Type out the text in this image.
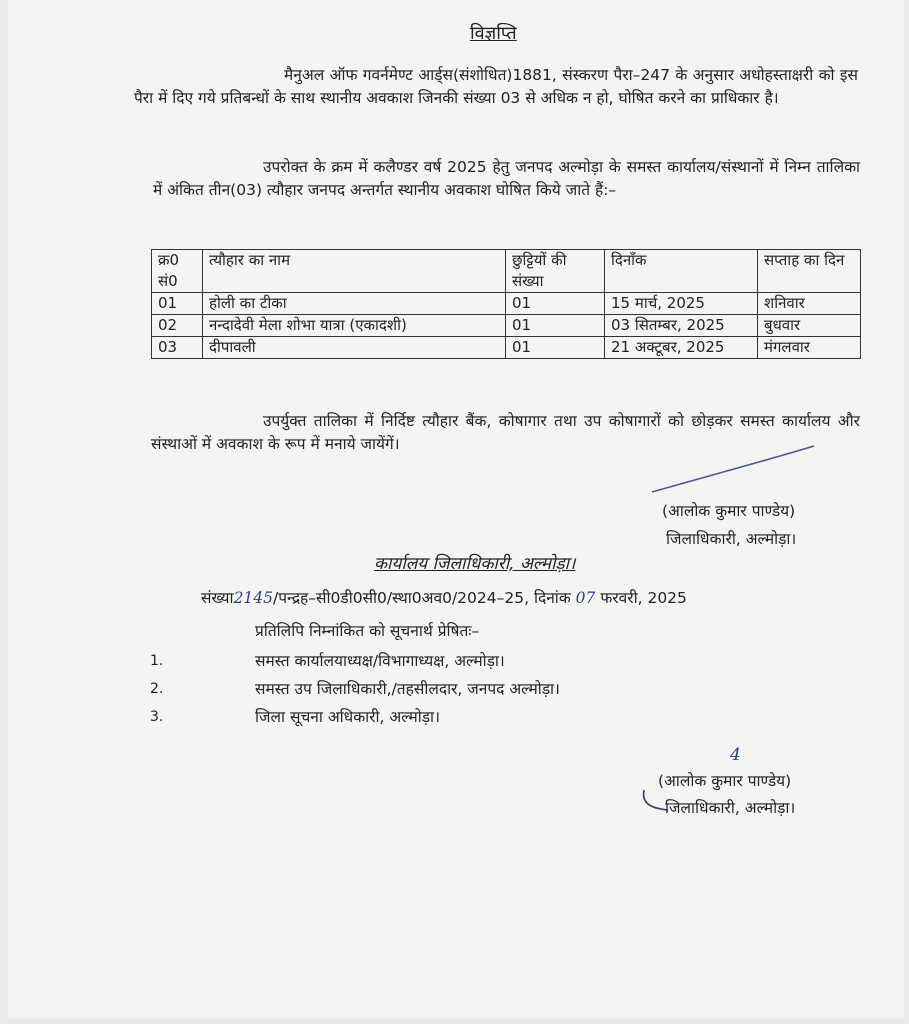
विज्ञप्ति
मैनुअल ऑफ गवर्नमेण्ट आर्ड्स(संशोधित)1881, संस्करण पैरा–247 के अनुसार अधोहस्ताक्षरी को इस पैरा में दिए गये प्रतिबन्धों के साथ स्थानीय अवकाश जिनकी संख्या 03 से अधिक न हो, घोषित करने का प्राधिकार है।
उपरोक्त के क्रम में कलैण्डर वर्ष 2025 हेतु जनपद अल्मोड़ा के समस्त कार्यालय/संस्थानों में निम्न तालिका में अंकित तीन(03) त्यौहार जनपद अन्तर्गत स्थानीय अवकाश घोषित किये जाते हैं:–
क्र0 सं0	त्यौहार का नाम	छुट्टियों की संख्या	दिनाँक	सप्ताह का दिन
01	होली का टीका	01	15 मार्च, 2025	शनिवार
02	नन्दादेवी मेला शोभा यात्रा (एकादशी)	01	03 सितम्बर, 2025	बुधवार
03	दीपावली	01	21 अक्टूबर, 2025	मंगलवार
उपर्युक्त तालिका में निर्दिष्ट त्यौहार बैंक, कोषागार तथा उप कोषागारों को छोड़कर समस्त कार्यालय और संस्थाओं में अवकाश के रूप में मनाये जायेंगें।
(आलोक कुमार पाण्डेय)
जिलाधिकारी, अल्मोड़ा।
कार्यालय जिलाधिकारी, अल्मोड़ा।
संख्या2145/पन्द्रह–सी0डी0सी0/स्था0अव0/2024–25, दिनांक 07 फरवरी, 2025
प्रतिलिपि निम्नांकित को सूचनार्थ प्रेषितः–
1.	समस्त कार्यालयाध्यक्ष/विभागाध्यक्ष, अल्मोड़ा।
2.	समस्त उप जिलाधिकारी,/तहसीलदार, जनपद अल्मोड़ा।
3.	जिला सूचना अधिकारी, अल्मोड़ा।
4
(आलोक कुमार पाण्डेय)
जिलाधिकारी, अल्मोड़ा।
